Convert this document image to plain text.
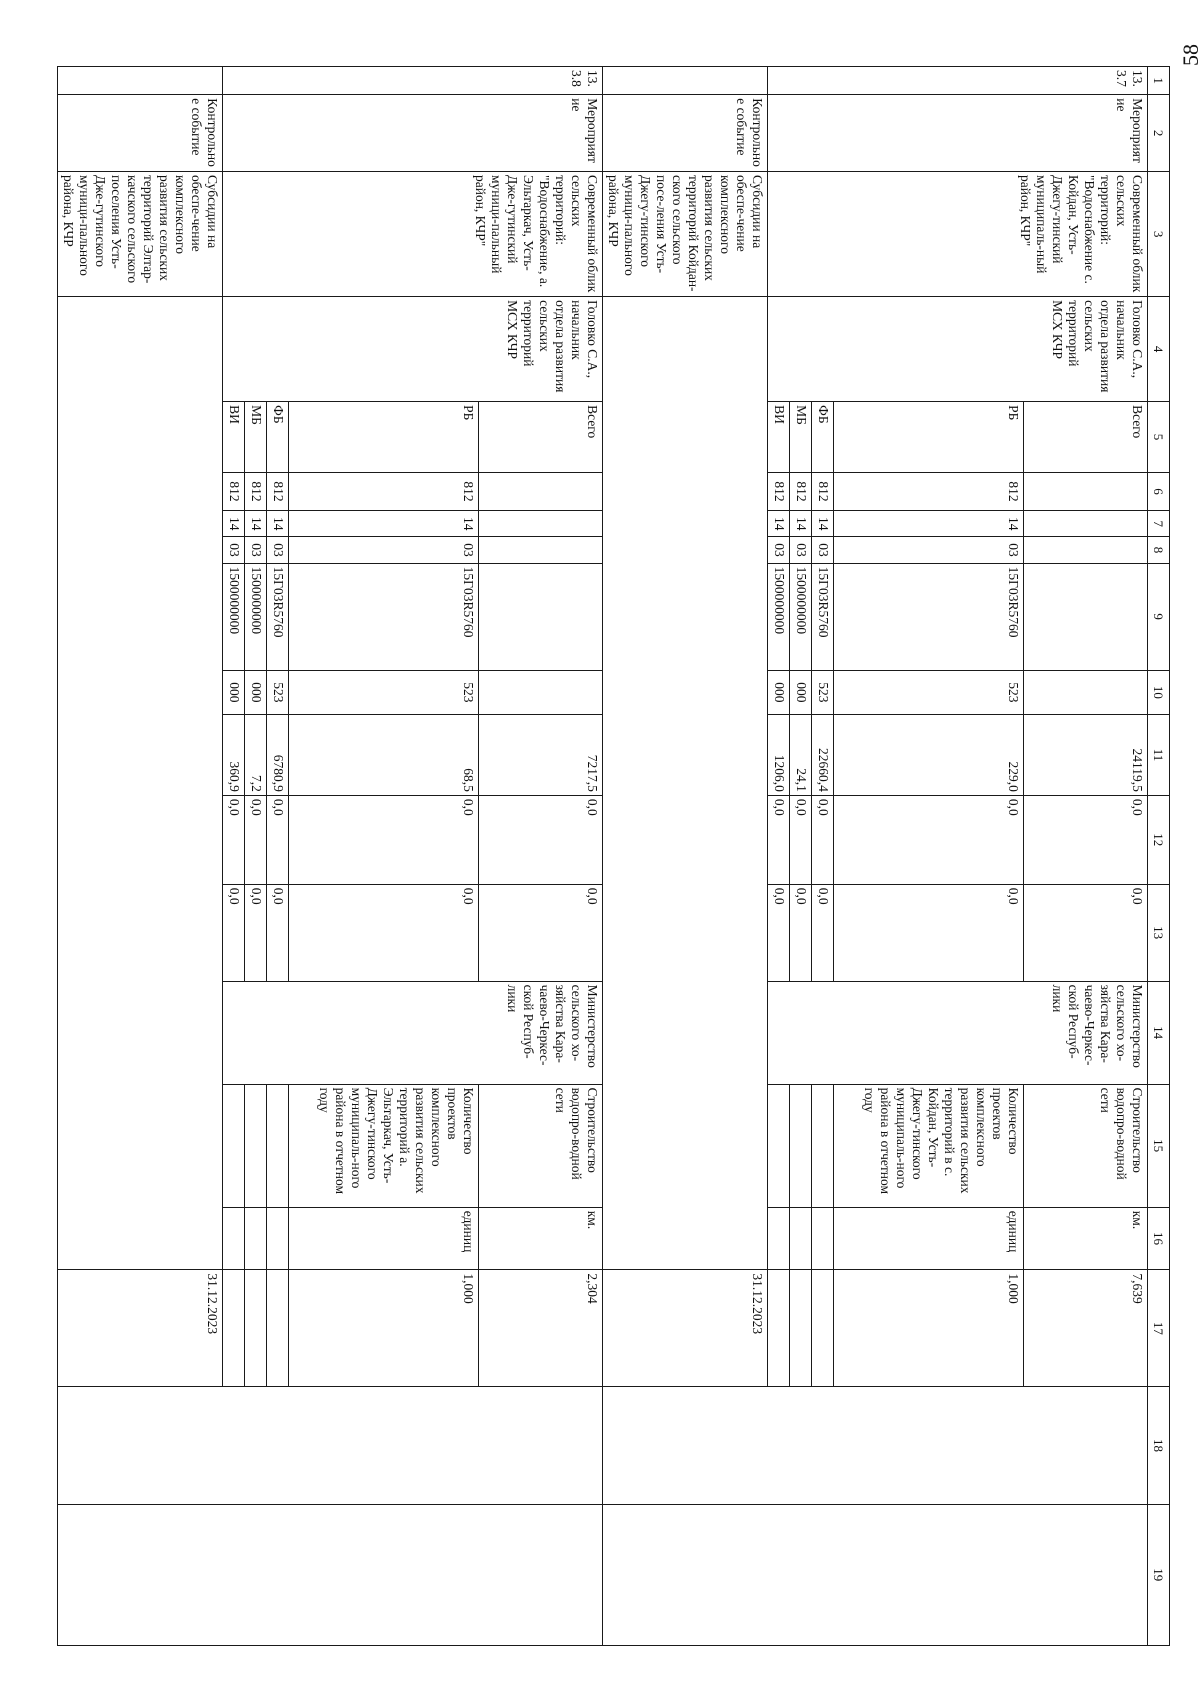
58
1	2	3	4	5	6	7	8	9	10	11	12	13	14	15	16	17	18	19
13.3.7	Мероприятие	Современный облик сельских территорий: "Водоснабжение с. Койдан, Усть-Джегу-тинский муниципаль-ный район, КЧР"	Головко С.А., начальник отдела развития сельских территорий МСХ КЧР	Всего						24119,5	0,0	0,0	Министерство сельского хо-зяйства Кара-чаево-Черкес-ской Респуб-лики	Строительство водопро-водной сети	км.	7,639		
				РБ	812	14	03	15Г03R5760	523	229,0	0,0	0,0		Количество проектов комплексного развития сельских территорий в с. Койдан, Усть-Джегу-тинского муниципаль-ного района в отчетном году	единиц	1,000		
				ФБ	812	14	03	15Г03R5760	523	22660,4	0,0	0,0						
				МБ	812	14	03	1500000000	000	24,1	0,0	0,0						
				ВИ	812	14	03	1500000000	000	1206,0	0,0	0,0						
	Контрольное событие	Субсидии на обеспе-чение комплексного развития сельских территорий Койдан-ского сельского посе-ления Усть-Джегу-тинского муници-пального района, КЧР														31.12.2023		
13.3.8	Мероприятие	Современный облик сельских территорий: "Водоснабжение, а. Эльтаркач, Усть-Дже-гутинский муници-пальный район, КЧР"	Головко С.А., начальник отдела развития сельских территорий МСХ КЧР	Всего						7217,5	0,0	0,0	Министерство сельского хо-зяйства Кара-чаево-Черкес-ской Респуб-лики	Строительство водопро-водной сети	км.	2,304		
				РБ	812	14	03	15Г03R5760	523	68,5	0,0	0,0		Количество проектов комплексного развития сельских территорий а. Эльтаркач, Усть-Джегу-тинского муниципаль-ного района в отчетном году	единиц	1,000		
				ФБ	812	14	03	15Г03R5760	523	6780,9	0,0	0,0						
				МБ	812	14	03	1500000000	000	7,2	0,0	0,0						
				ВИ	812	14	03	1500000000	000	360,9	0,0	0,0						
	Контрольное событие	Субсидии на обеспе-чение комплексного развития сельских территорий Элтар-качского сельского поселения Усть-Дже-гутинского муници-пального района, КЧР														31.12.2023		
